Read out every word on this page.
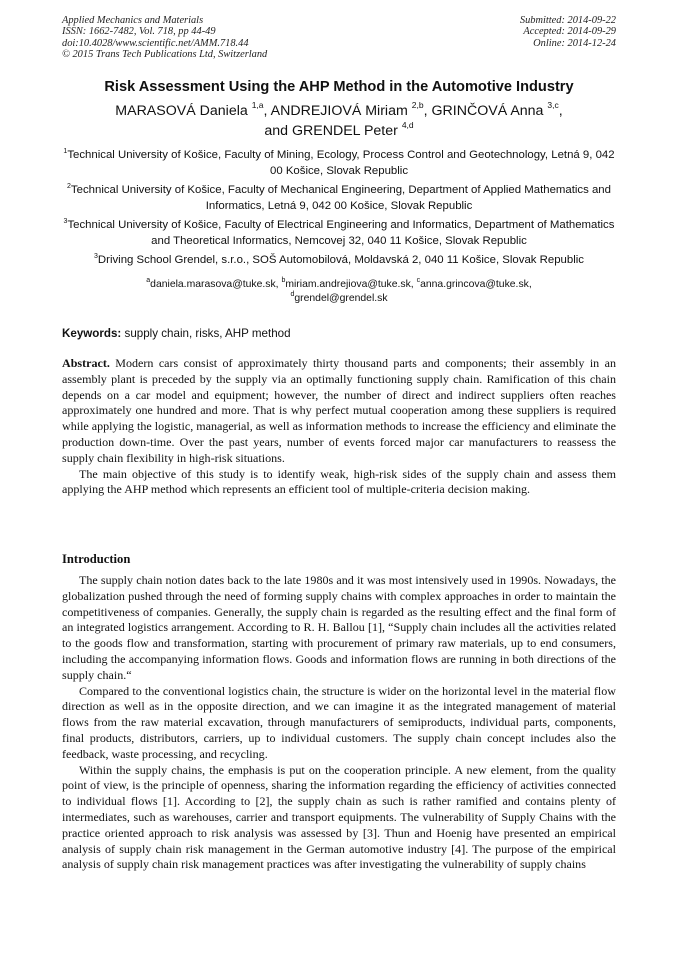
Applied Mechanics and Materials
ISSN: 1662-7482, Vol. 718, pp 44-49
doi:10.4028/www.scientific.net/AMM.718.44
© 2015 Trans Tech Publications Ltd, Switzerland
Submitted: 2014-09-22
Accepted: 2014-09-29
Online: 2014-12-24
Risk Assessment Using the AHP Method in the Automotive Industry
MARASOVÁ Daniela $^{1,a}$, ANDREJIOVÁ Miriam $^{2,b}$, GRINČOVÁ Anna $^{3,c}$,
and GRENDEL Peter $^{4,d}$
$^1$Technical University of Košice, Faculty of Mining, Ecology, Process Control and Geotechnology, Letná 9, 042 00 Košice, Slovak Republic
$^2$Technical University of Košice, Faculty of Mechanical Engineering, Department of Applied Mathematics and Informatics, Letná 9, 042 00 Košice, Slovak Republic
$^3$Technical University of Košice, Faculty of Electrical Engineering and Informatics, Department of Mathematics and Theoretical Informatics, Nemcovej 32, 040 11 Košice, Slovak Republic
$^3$Driving School Grendel, s.r.o., SOŠ Automobilová, Moldavská 2, 040 11 Košice, Slovak Republic
$^a$daniela.marasova@tuke.sk, $^b$miriam.andrejiova@tuke.sk, $^c$anna.grincova@tuke.sk,
$^d$grendel@grendel.sk
Keywords: supply chain, risks, AHP method

Abstract. Modern cars consist of approximately thirty thousand parts and components; their assembly in an assembly plant is preceded by the supply via an optimally functioning supply chain. Ramification of this chain depends on a car model and equipment; however, the number of direct and indirect suppliers often reaches approximately one hundred and more. That is why perfect mutual cooperation among these suppliers is required while applying the logistic, managerial, as well as information methods to increase the efficiency and eliminate the production down-time. Over the past years, number of events forced major car manufacturers to reassess the supply chain flexibility in high-risk situations.

The main objective of this study is to identify weak, high-risk sides of the supply chain and assess them applying the AHP method which represents an efficient tool of multiple-criteria decision making.

Introduction

The supply chain notion dates back to the late 1980s and it was most intensively used in 1990s. Nowadays, the globalization pushed through the need of forming supply chains with complex approaches in order to maintain the competitiveness of companies. Generally, the supply chain is regarded as the resulting effect and the final form of an integrated logistics arrangement. According to R. H. Ballou [1], “Supply chain includes all the activities related to the goods flow and transformation, starting with procurement of primary raw materials, up to end consumers, including the accompanying information flows. Goods and information flows are running in both directions of the supply chain.“

Compared to the conventional logistics chain, the structure is wider on the horizontal level in the material flow direction as well as in the opposite direction, and we can imagine it as the integrated management of material flows from the raw material excavation, through manufacturers of semiproducts, individual parts, components, final products, distributors, carriers, up to individual customers. The supply chain concept includes also the feedback, waste processing, and recycling.

Within the supply chains, the emphasis is put on the cooperation principle. A new element, from the quality point of view, is the principle of openness, sharing the information regarding the efficiency of activities connected to individual flows [1]. According to [2], the supply chain as such is rather ramified and contains plenty of intermediates, such as warehouses, carrier and transport equipments. The vulnerability of Supply Chains with the practice oriented approach to risk analysis was assessed by [3]. Thun and Hoenig have presented an empirical analysis of supply chain risk management in the German automotive industry [4]. The purpose of the empirical analysis of supply chain risk management practices was after investigating the vulnerability of supply chains
